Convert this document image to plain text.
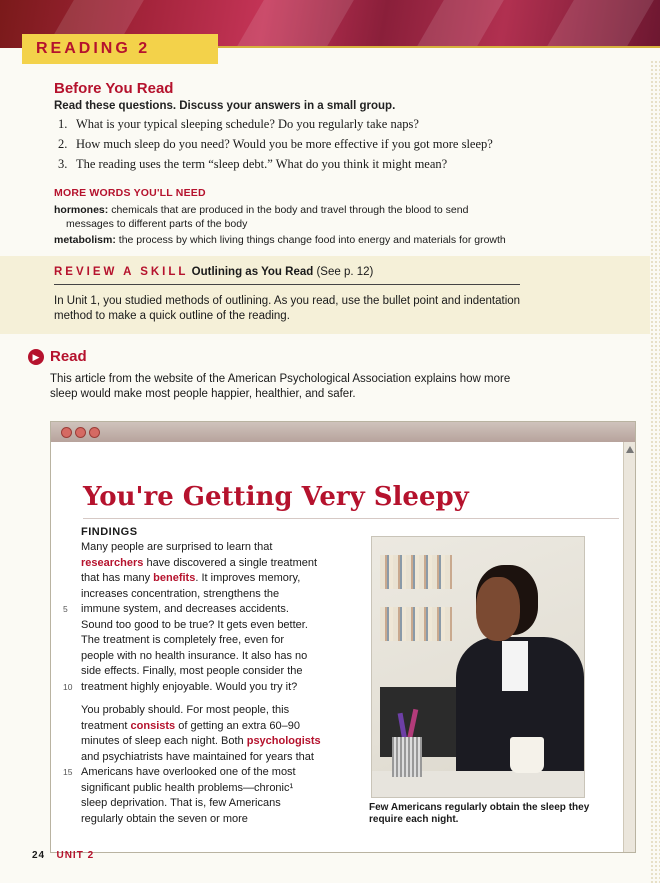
READING 2
Before You Read
Read these questions. Discuss your answers in a small group.
1. What is your typical sleeping schedule? Do you regularly take naps?
2. How much sleep do you need? Would you be more effective if you got more sleep?
3. The reading uses the term “sleep debt.” What do you think it might mean?
MORE WORDS YOU'LL NEED
hormones: chemicals that are produced in the body and travel through the blood to send
messages to different parts of the body
metabolism: the process by which living things change food into energy and materials for growth
REVIEW A SKILL Outlining as You Read (See p. 12)
In Unit 1, you studied methods of outlining. As you read, use the bullet point and indentation method to make a quick outline of the reading.
▶ Read
This article from the website of the American Psychological Association explains how more sleep would make most people happier, healthier, and safer.
You're Getting Very Sleepy
FINDINGS
Many people are surprised to learn that
researchers have discovered a single treatment
that has many benefits. It improves memory,
increases concentration, strengthens the
5 immune system, and decreases accidents.
Sound too good to be true? It gets even better.
The treatment is completely free, even for
people with no health insurance. It also has no
side effects. Finally, most people consider the
10 treatment highly enjoyable. Would you try it?
You probably should. For most people, this
treatment consists of getting an extra 60–90
minutes of sleep each night. Both psychologists
and psychiatrists have maintained for years that
15 Americans have overlooked one of the most
significant public health problems—chronic¹
sleep deprivation. That is, few Americans
regularly obtain the seven or more
Few Americans regularly obtain the sleep they require each night.
24 UNIT 2
